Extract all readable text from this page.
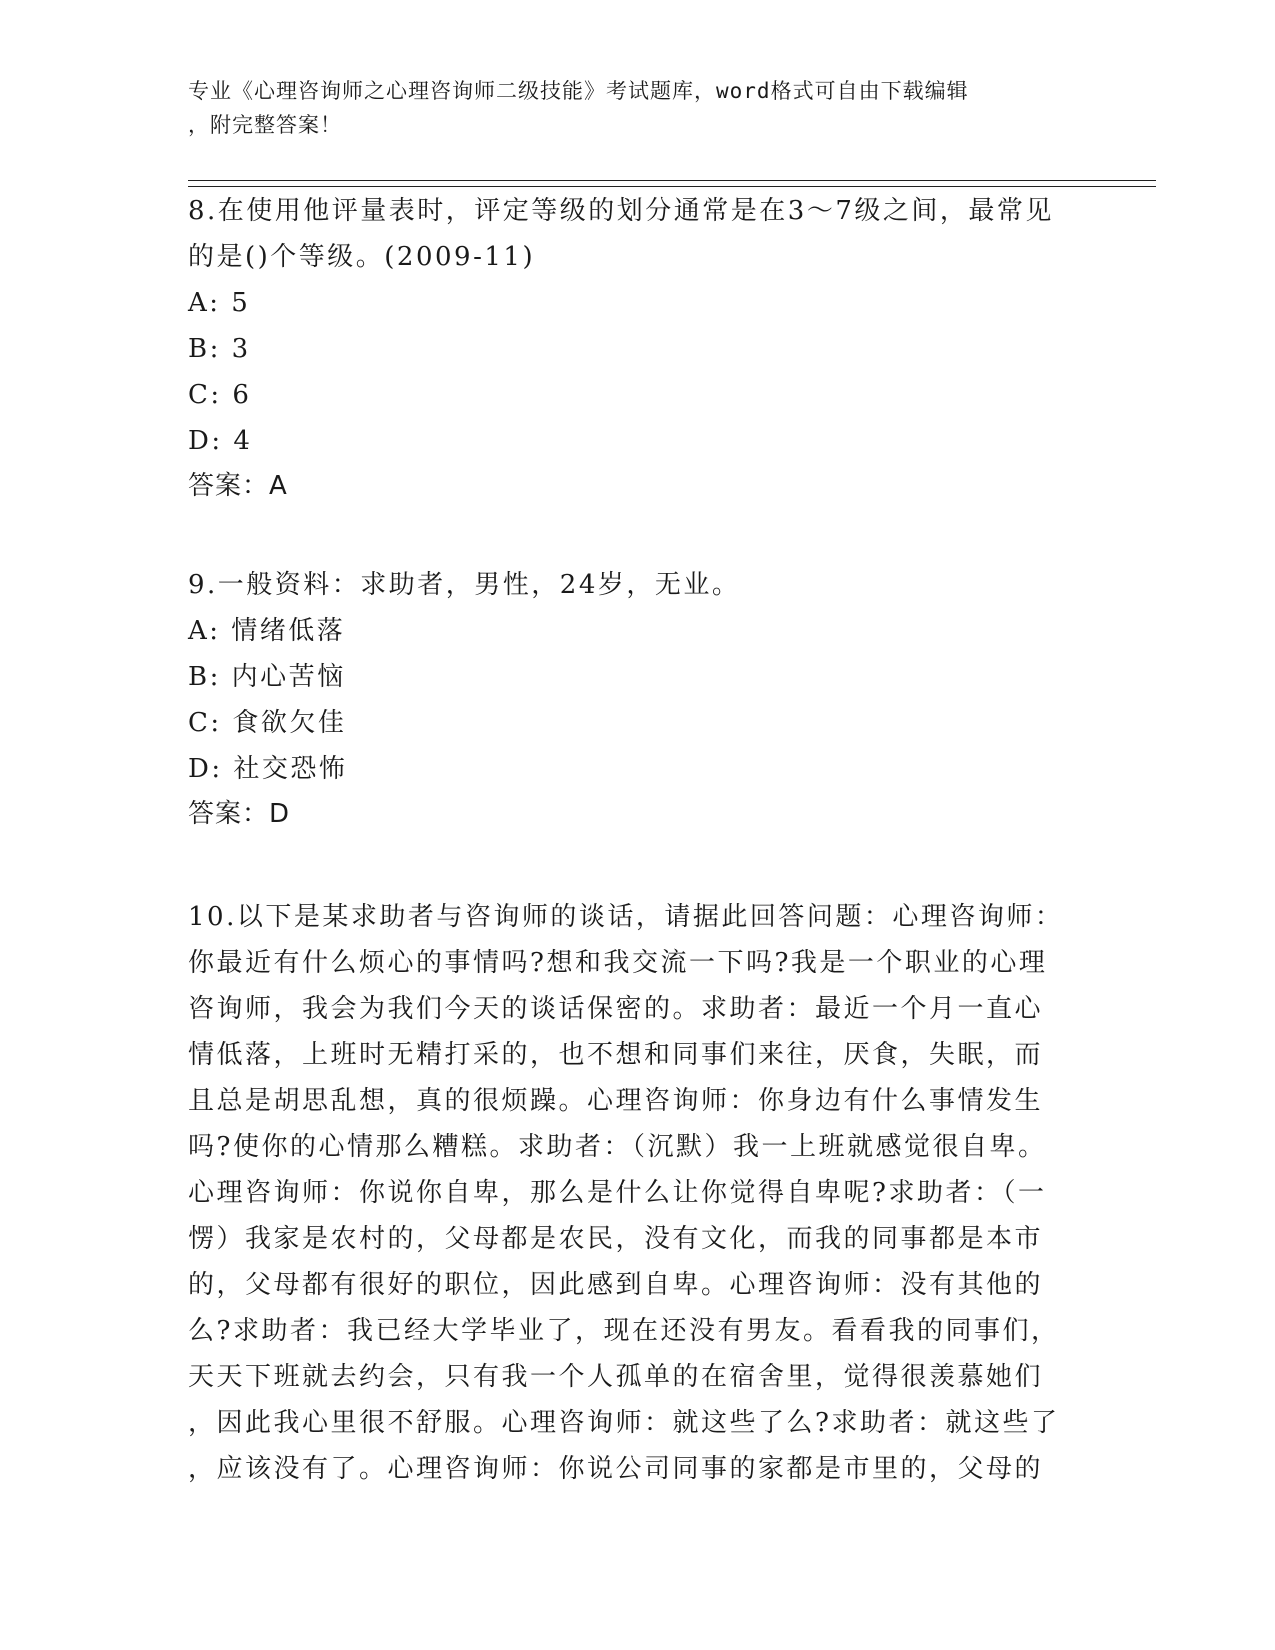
专业《心理咨询师之心理咨询师二级技能》考试题库，word格式可自由下载编辑
，附完整答案！

8.在使用他评量表时，评定等级的划分通常是在3～7级之间，最常见

的是()个等级。(2009-11)

A: 5

B: 3

C: 6

D: 4

答案：A

9.一般资料：求助者，男性，24岁，无业。

A: 情绪低落

B: 内心苦恼

C: 食欲欠佳

D: 社交恐怖

答案：D

10.以下是某求助者与咨询师的谈话，请据此回答问题：心理咨询师：

你最近有什么烦心的事情吗?想和我交流一下吗?我是一个职业的心理

咨询师，我会为我们今天的谈话保密的。求助者：最近一个月一直心

情低落，上班时无精打采的，也不想和同事们来往，厌食，失眠，而

且总是胡思乱想，真的很烦躁。心理咨询师：你身边有什么事情发生

吗?使你的心情那么糟糕。求助者：（沉默）我一上班就感觉很自卑。

心理咨询师：你说你自卑，那么是什么让你觉得自卑呢?求助者：（一

愣）我家是农村的，父母都是农民，没有文化，而我的同事都是本市

的，父母都有很好的职位，因此感到自卑。心理咨询师：没有其他的

么?求助者：我已经大学毕业了，现在还没有男友。看看我的同事们，

天天下班就去约会，只有我一个人孤单的在宿舍里，觉得很羡慕她们

，因此我心里很不舒服。心理咨询师：就这些了么?求助者：就这些了

，应该没有了。心理咨询师：你说公司同事的家都是市里的，父母的
